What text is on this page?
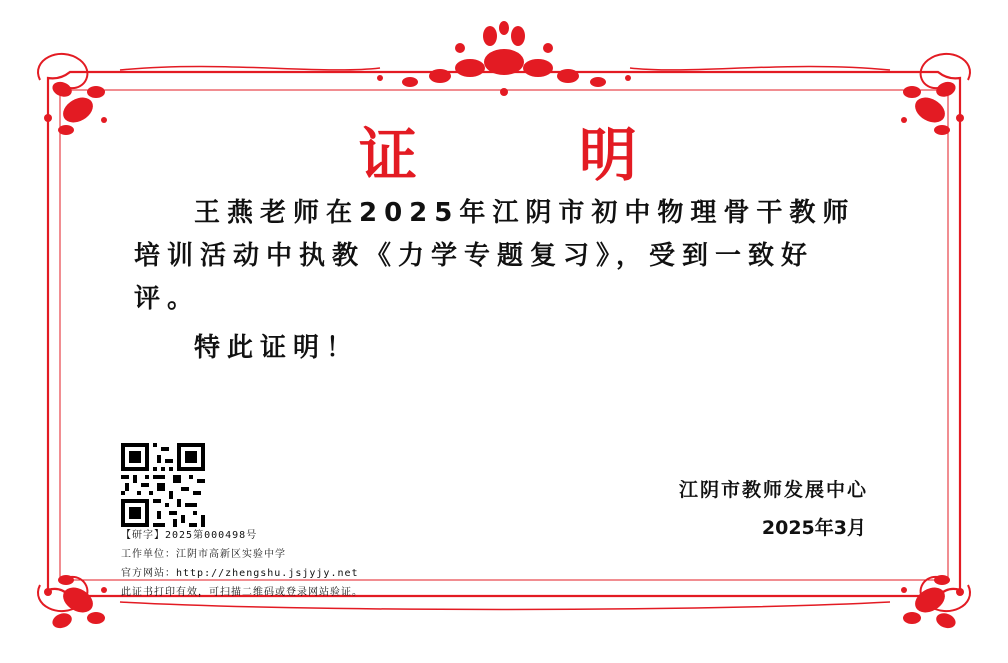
证　明
王燕老师在2025年江阴市初中物理骨干教师培训活动中执教《力学专题复习》，受到一致好评。
特此证明！
【研字】2025第000498号
工作单位：江阴市高新区实验中学
官方网站：http://zhengshu.jsjyjy.net
此证书打印有效，可扫描二维码或登录网站验证。
江阴市教师发展中心
2025年3月
